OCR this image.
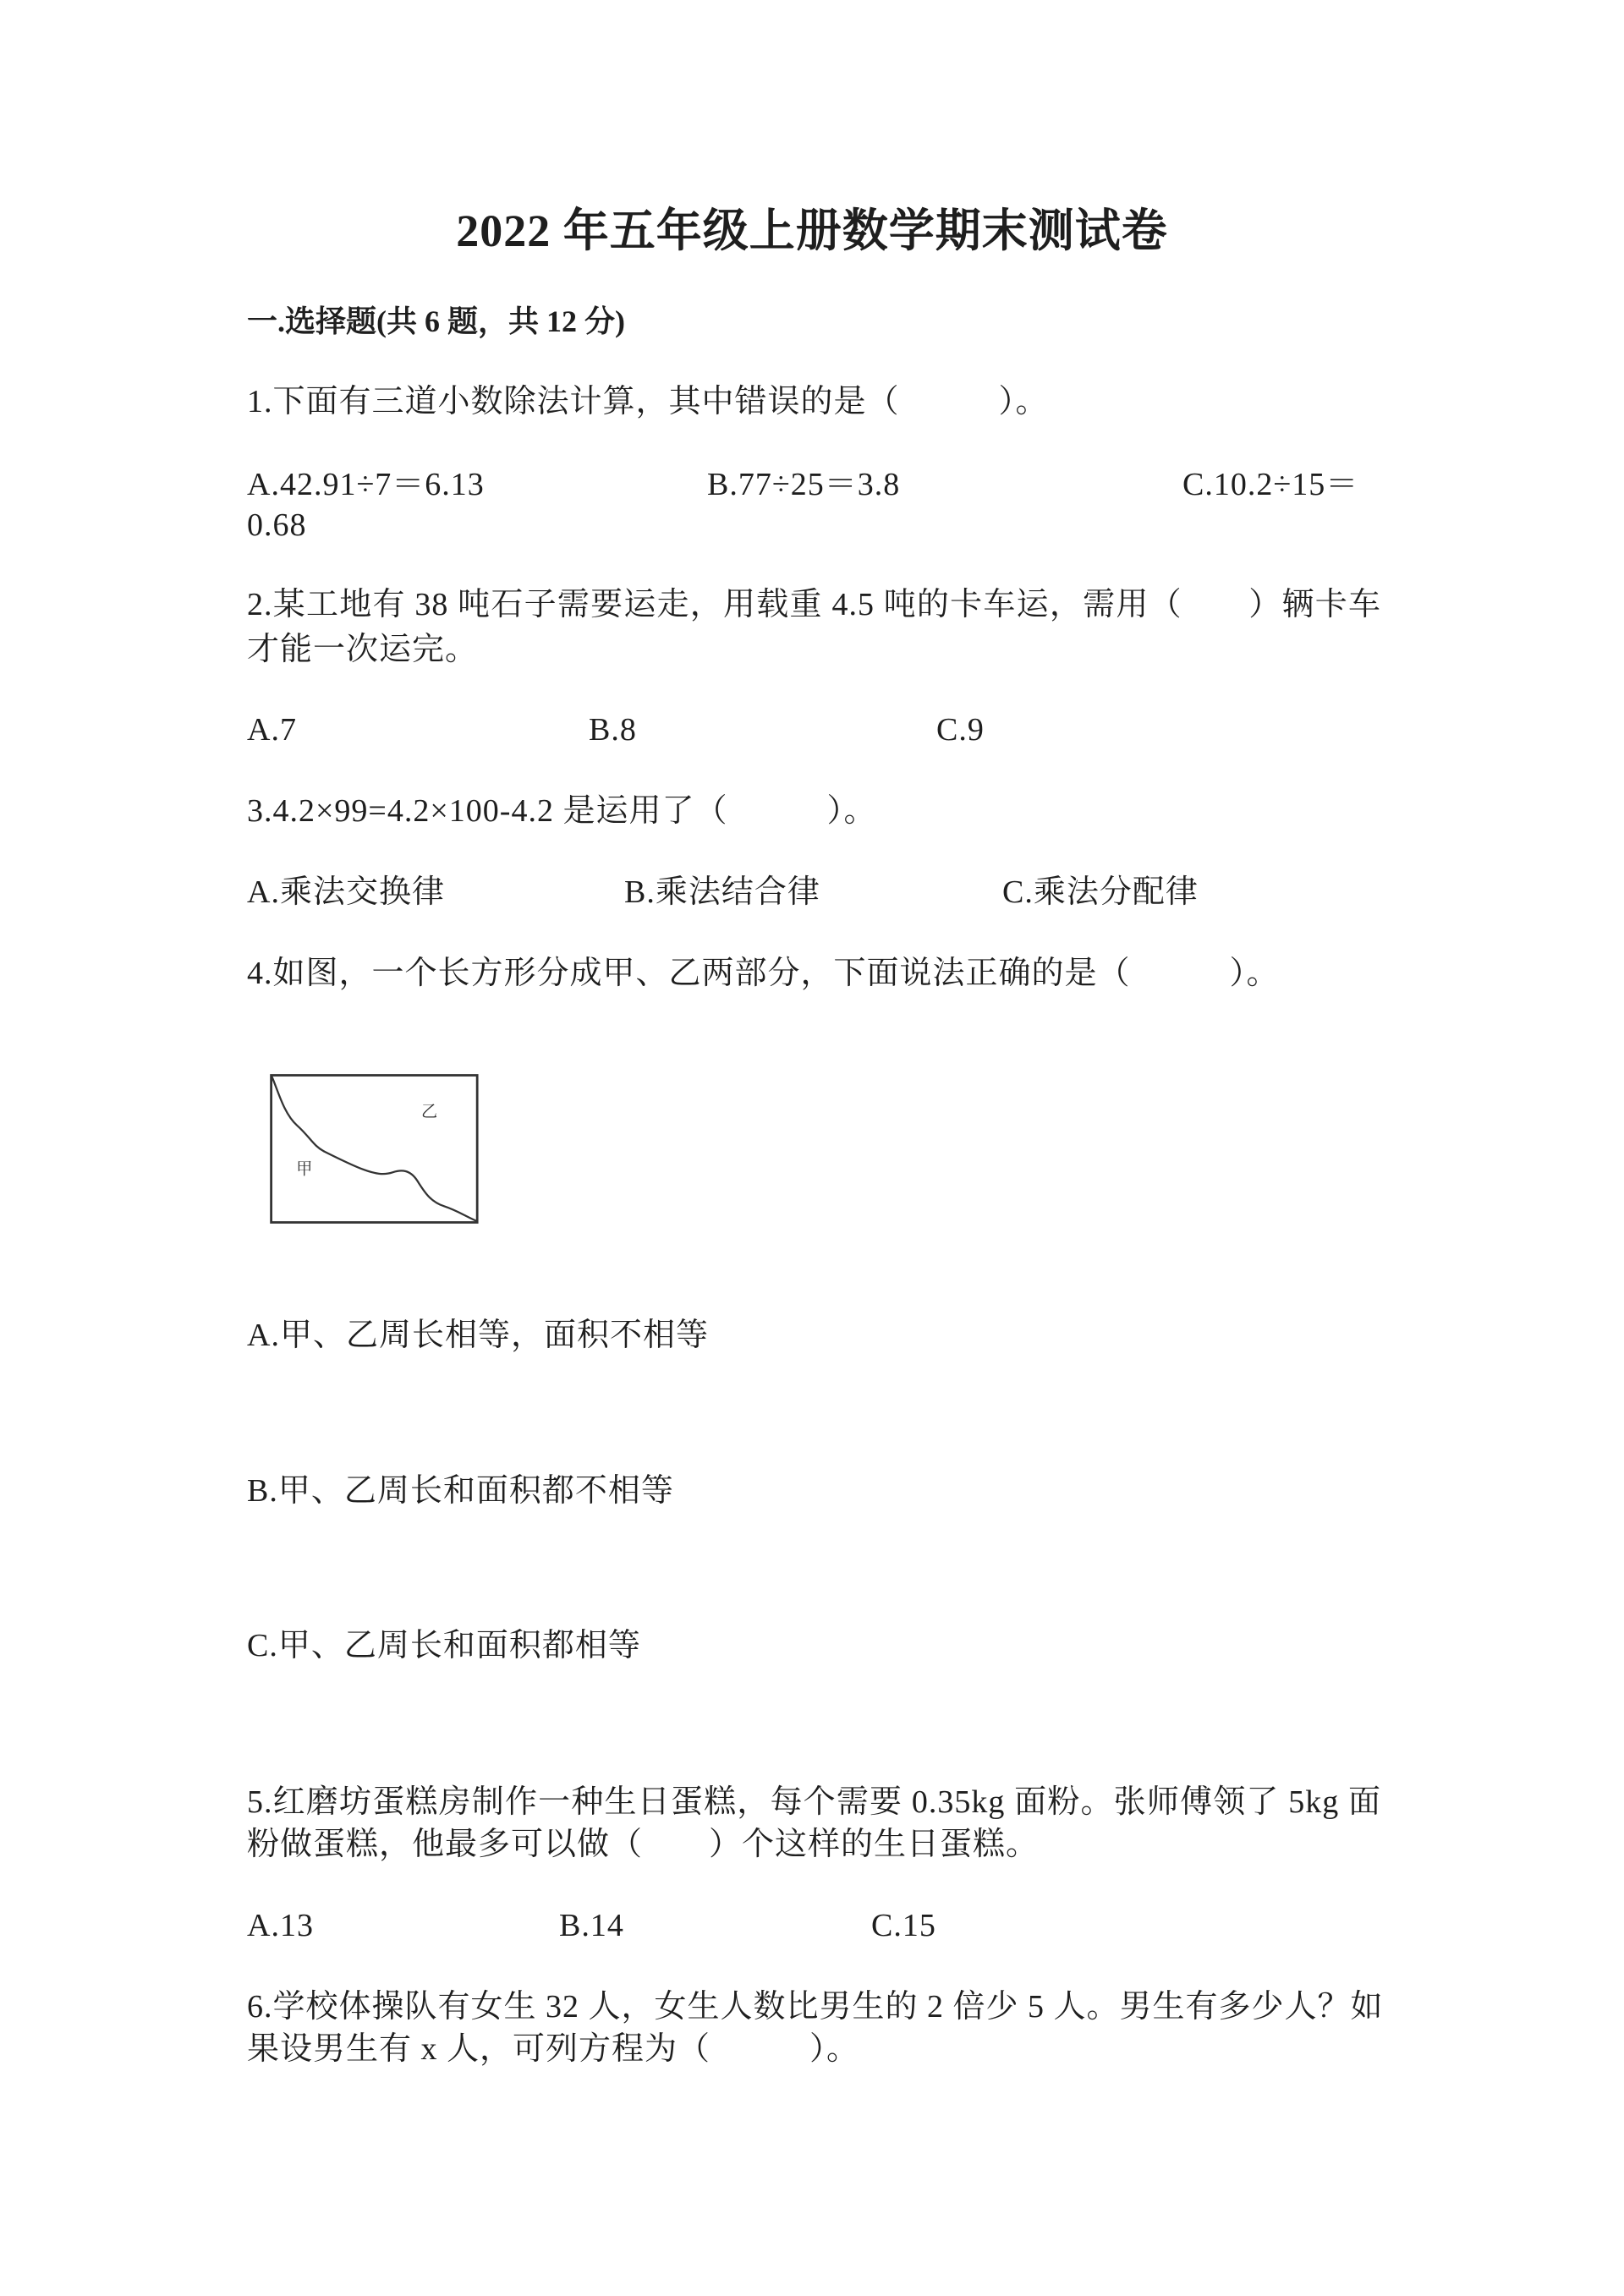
2022 年五年级上册数学期末测试卷
一.选择题(共 6 题，共 12 分)
1.下面有三道小数除法计算，其中错误的是（　　　）。
A.42.91÷7＝6.13	B.77÷25＝3.8	C.10.2÷15＝
0.68
2.某工地有 38 吨石子需要运走，用载重 4.5 吨的卡车运，需用（　　）辆卡车
才能一次运完。
A.7	B.8	C.9
3.4.2×99=4.2×100-4.2 是运用了（　　　）。
A.乘法交换律	B.乘法结合律	C.乘法分配律
4.如图，一个长方形分成甲、乙两部分，下面说法正确的是（　　　）。
乙
甲
A.甲、乙周长相等，面积不相等
B.甲、乙周长和面积都不相等
C.甲、乙周长和面积都相等
5.红磨坊蛋糕房制作一种生日蛋糕，每个需要 0.35kg 面粉。张师傅领了 5kg 面
粉做蛋糕，他最多可以做（　　）个这样的生日蛋糕。
A.13	B.14	C.15
6.学校体操队有女生 32 人，女生人数比男生的 2 倍少 5 人。男生有多少人？如
果设男生有 x 人，可列方程为（　　　）。
